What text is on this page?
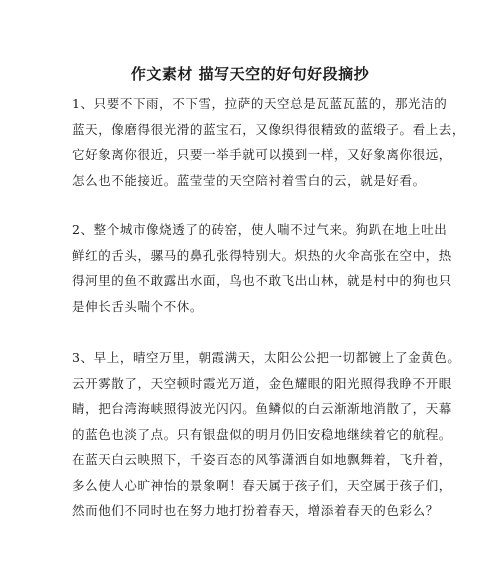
作文素材 描写天空的好句好段摘抄
1、只要不下雨，不下雪，拉萨的天空总是瓦蓝瓦蓝的，那光洁的
蓝天，像磨得很光滑的蓝宝石，又像织得很精致的蓝缎子。看上去，
它好象离你很近，只要一举手就可以摸到一样，又好象离你很远，
怎么也不能接近。蓝莹莹的天空陪衬着雪白的云，就是好看。
2、整个城市像烧透了的砖窑，使人喘不过气来。狗趴在地上吐出
鲜红的舌头，骡马的鼻孔张得特别大。炽热的火伞高张在空中，热
得河里的鱼不敢露出水面，鸟也不敢飞出山林，就是村中的狗也只
是伸长舌头喘个不休。
3、早上，晴空万里，朝霞满天，太阳公公把一切都镀上了金黄色。
云开雾散了，天空顿时霞光万道，金色耀眼的阳光照得我睁不开眼
睛，把台湾海峡照得波光闪闪。鱼鳞似的白云渐渐地消散了，天幕
的蓝色也淡了点。只有银盘似的明月仍旧安稳地继续着它的航程。
在蓝天白云映照下，千姿百态的风筝潇洒自如地飘舞着，飞升着，
多么使人心旷神怡的景象啊！春天属于孩子们，天空属于孩子们，
然而他们不同时也在努力地打扮着春天，增添着春天的色彩么？
